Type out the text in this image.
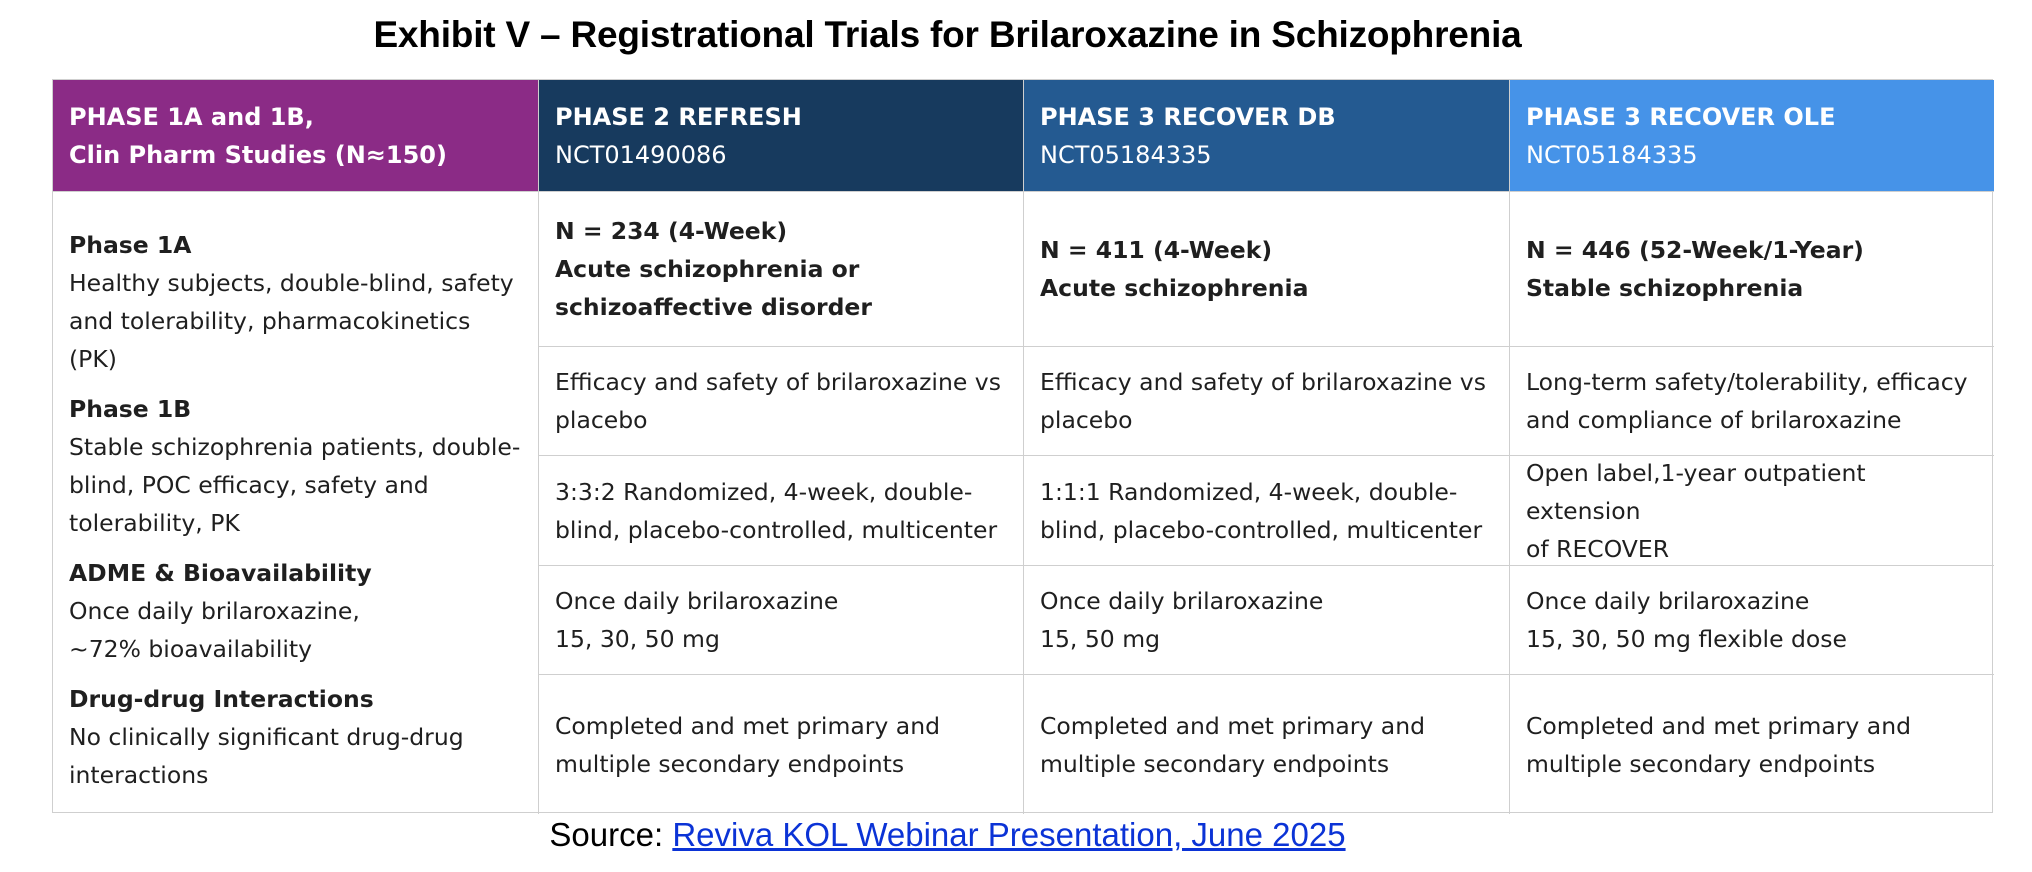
Exhibit V – Registrational Trials for Brilaroxazine in Schizophrenia
PHASE 1A and 1B,
Clin Pharm Studies (N≈150)
PHASE 2 REFRESH
NCT01490086
PHASE 3 RECOVER DB
NCT05184335
PHASE 3 RECOVER OLE
NCT05184335
Phase 1A
Healthy subjects, double-blind, safety
and tolerability, pharmacokinetics (PK)
Phase 1B
Stable schizophrenia patients, double-
blind, POC efficacy, safety and
tolerability, PK
ADME & Bioavailability
Once daily brilaroxazine,
~72% bioavailability
Drug-drug Interactions
No clinically significant drug-drug
interactions
N = 234 (4-Week)
Acute schizophrenia or
schizoaffective disorder
N = 411 (4-Week)
Acute schizophrenia
N = 446 (52-Week/1-Year)
Stable schizophrenia
Efficacy and safety of brilaroxazine vs
placebo
Efficacy and safety of brilaroxazine vs
placebo
Long-term safety/tolerability, efficacy
and compliance of brilaroxazine
3:3:2 Randomized, 4-week, double-
blind, placebo-controlled, multicenter
1:1:1 Randomized, 4-week, double-
blind, placebo-controlled, multicenter
Open label,1-year outpatient extension
of RECOVER
Once daily brilaroxazine
15, 30, 50 mg
Once daily brilaroxazine
15, 50 mg
Once daily brilaroxazine
15, 30, 50 mg flexible dose
Completed and met primary and
multiple secondary endpoints
Completed and met primary and
multiple secondary endpoints
Completed and met primary and
multiple secondary endpoints
Source: Reviva KOL Webinar Presentation, June 2025
